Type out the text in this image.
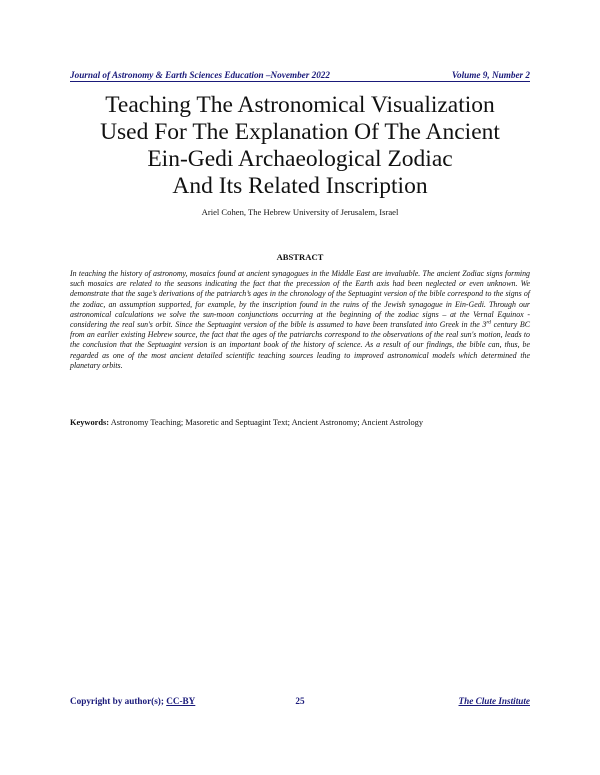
Journal of Astronomy & Earth Sciences Education –November 2022	Volume 9, Number 2
Teaching The Astronomical Visualization
Used For The Explanation Of The Ancient
Ein-Gedi Archaeological Zodiac
And Its Related Inscription
Ariel Cohen, The Hebrew University of Jerusalem, Israel
ABSTRACT
In teaching the history of astronomy, mosaics found at ancient synagogues in the Middle East are invaluable. The ancient Zodiac signs forming such mosaics are related to the seasons indicating the fact that the precession of the Earth axis had been neglected or even unknown. We demonstrate that the sage’s derivations of the patriarch’s ages in the chronology of the Septuagint version of the bible correspond to the signs of the zodiac, an assumption supported, for example, by the inscription found in the ruins of the Jewish synagogue in Ein-Gedi. Through our astronomical calculations we solve the sun-moon conjunctions occurring at the beginning of the zodiac signs – at the Vernal Equinox - considering the real sun's orbit. Since the Septuagint version of the bible is assumed to have been translated into Greek in the 3rd century BC from an earlier existing Hebrew source, the fact that the ages of the patriarchs correspond to the observations of the real sun's motion, leads to the conclusion that the Septuagint version is an important book of the history of science. As a result of our findings, the bible can, thus, be regarded as one of the most ancient detailed scientific teaching sources leading to improved astronomical models which determined the planetary orbits.
Keywords: Astronomy Teaching; Masoretic and Septuagint Text; Ancient Astronomy; Ancient Astrology
Copyright by author(s); CC-BY	25	The Clute Institute
